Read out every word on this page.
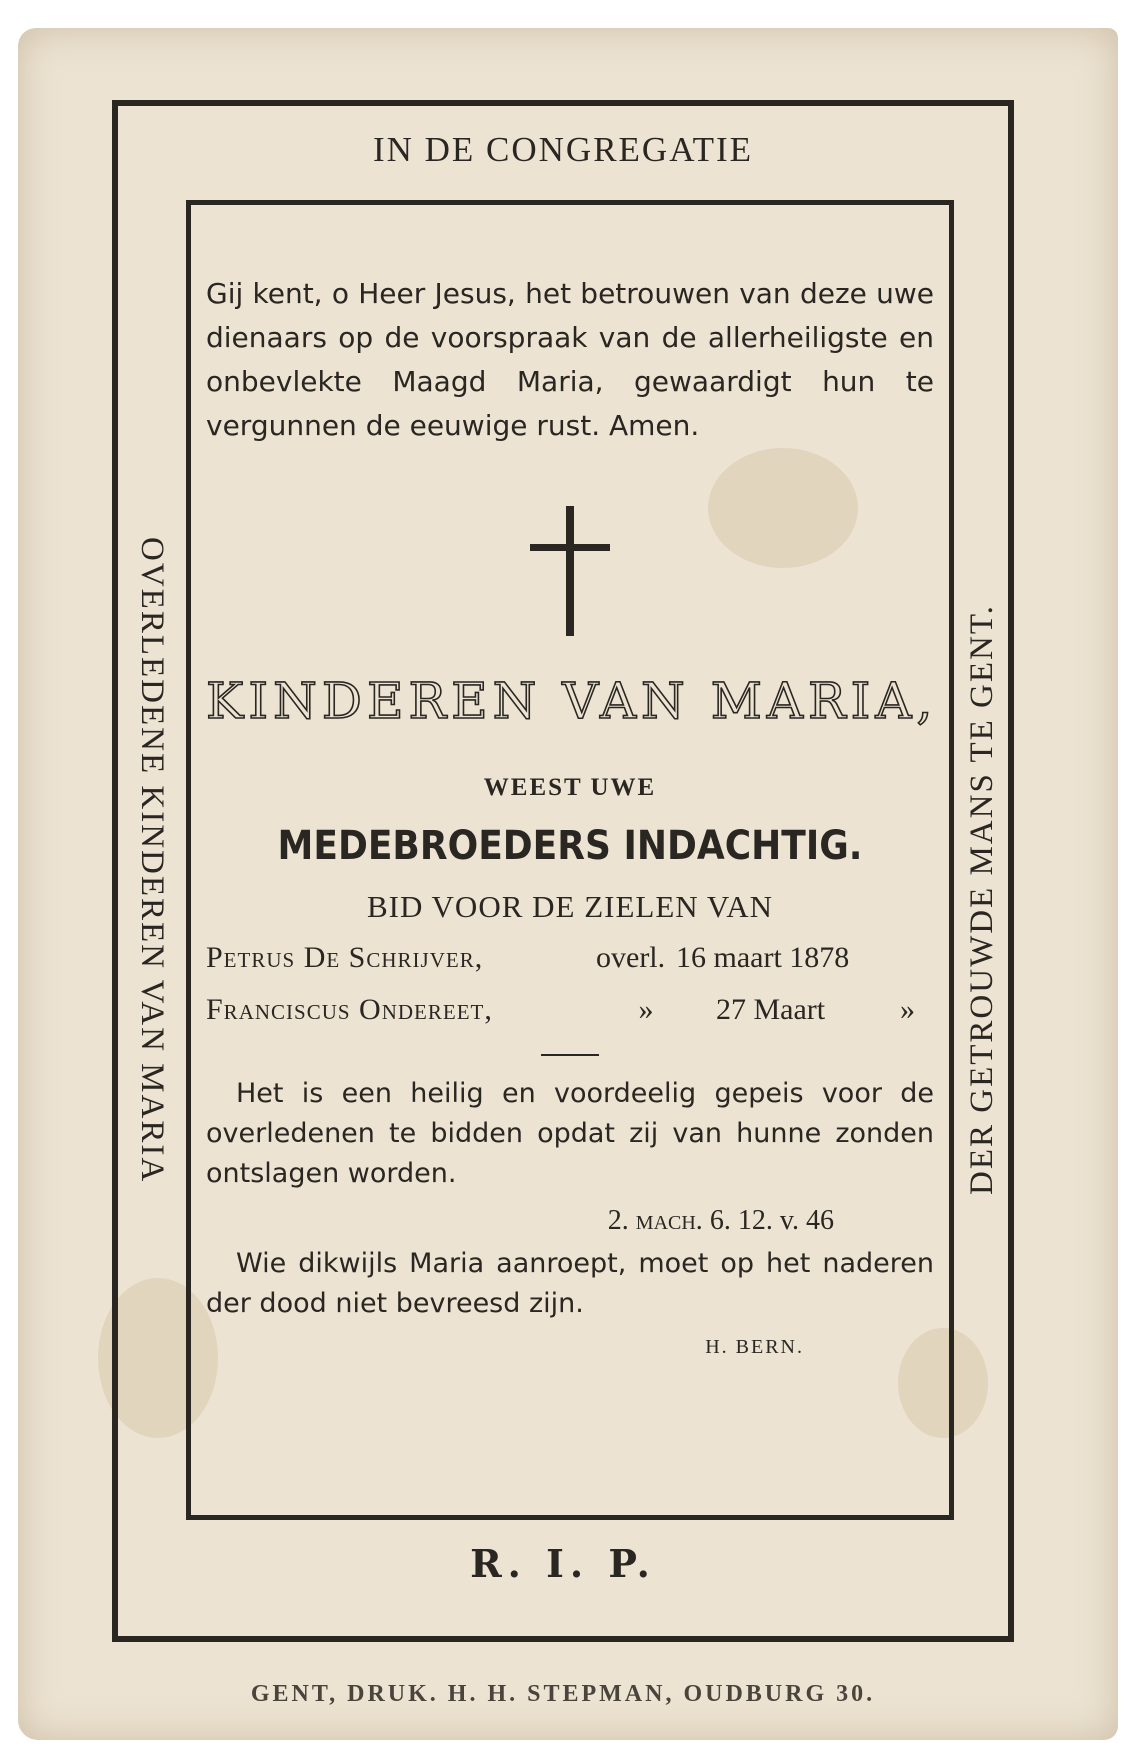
IN DE CONGREGATIE
OVERLEDENE KINDEREN VAN MARIA	DER GETROUWDE MANS TE GENT.

Gij kent, o Heer Jesus, het betrouwen van deze uwe dienaars op de voorspraak van de allerheiligste en onbevlekte Maagd Maria, gewaardigt hun te vergunnen de eeuwige rust. Amen.

KINDEREN VAN MARIA,
WEEST UWE
MEDEBROEDERS INDACHTIG.
BID VOOR DE ZIELEN VAN
Petrus De Schrijver,	overl. 16 maart 1878
Franciscus Ondereet,	»	27 Maart	»

Het is een heilig en voordeelig gepeis voor de overledenen te bidden opdat zij van hunne zonden ontslagen worden.

2. mach. 6. 12. v. 46

Wie dikwijls Maria aanroept, moet op het naderen der dood niet bevreesd zijn.

H. BERN.
R. I. P.
GENT, DRUK. H. H. STEPMAN, OUDBURG 30.
